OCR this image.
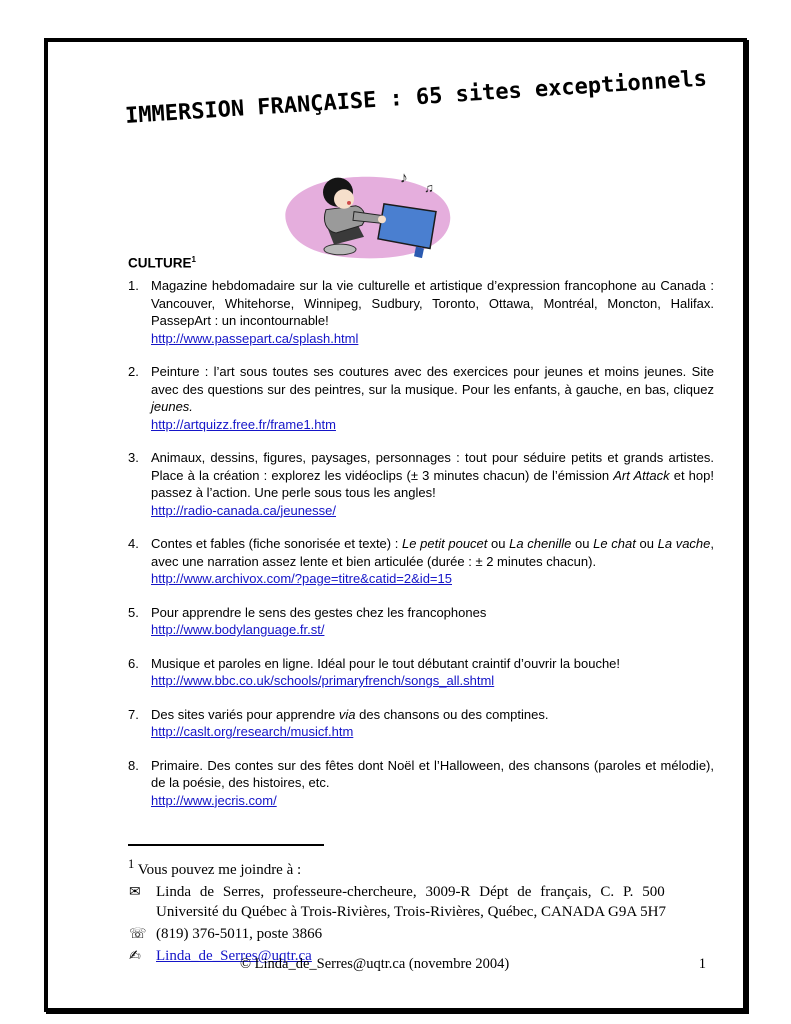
IMMERSION FRANÇAISE : 65 sites exceptionnels
♪
♫
CULTURE$^1$
1. Magazine hebdomadaire sur la vie culturelle et artistique d’expression francophone au Canada : Vancouver, Whitehorse, Winnipeg, Sudbury, Toronto, Ottawa, Montréal, Moncton, Halifax. PassepArt : un incontournable!
http://www.passepart.ca/splash.html
2. Peinture : l’art sous toutes ses coutures avec des exercices pour jeunes et moins jeunes. Site avec des questions sur des peintres, sur la musique. Pour les enfants, à gauche, en bas, cliquez jeunes.
http://artquizz.free.fr/frame1.htm
3. Animaux, dessins, figures, paysages, personnages : tout pour séduire petits et grands artistes. Place à la création : explorez les vidéoclips (± 3 minutes chacun) de l’émission Art Attack et hop! passez à l’action. Une perle sous tous les angles!
http://radio-canada.ca/jeunesse/
4. Contes et fables (fiche sonorisée et texte) : Le petit poucet ou La chenille ou Le chat ou La vache, avec une narration assez lente et bien articulée (durée : ± 2 minutes chacun).
http://www.archivox.com/?page=titre&catid=2&id=15
5. Pour apprendre le sens des gestes chez les francophones
http://www.bodylanguage.fr.st/
6. Musique et paroles en ligne. Idéal pour le tout débutant craintif d’ouvrir la bouche!
http://www.bbc.co.uk/schools/primaryfrench/songs_all.shtml
7. Des sites variés pour apprendre via des chansons ou des comptines.
http://caslt.org/research/musicf.htm
8. Primaire. Des contes sur des fêtes dont Noël et l’Halloween, des chansons (paroles et mélodie), de la poésie, des histoires, etc.
http://www.jecris.com/
$^1$ Vous pouvez me joindre à :
✉ Linda de Serres, professeure-chercheure, 3009-R Dépt de français, C. P. 500
Université du Québec à Trois-Rivières, Trois-Rivières, Québec, CANADA G9A 5H7
☏ (819) 376-5011, poste 3866
✍ Linda_de_Serres@uqtr.ca
© Linda_de_Serres@uqtr.ca (novembre 2004)	1
